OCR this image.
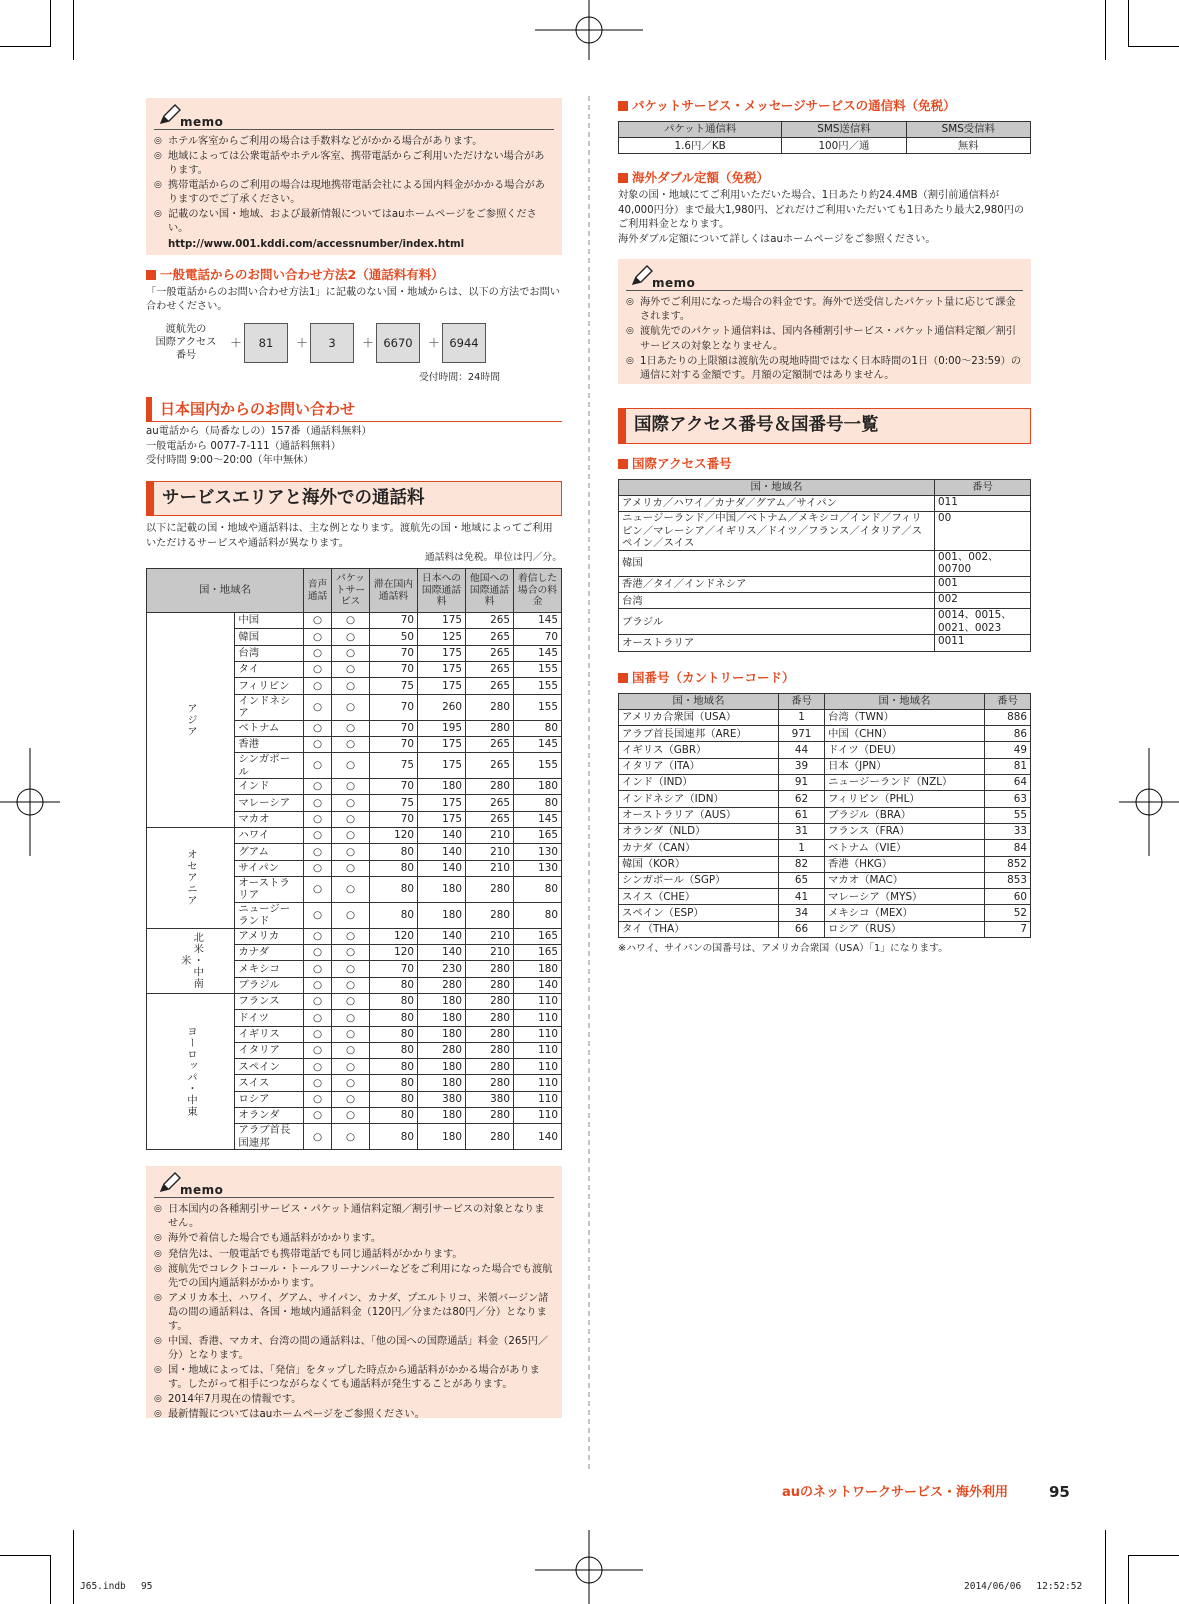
memo
◎ ホテル客室からご利用の場合は手数料などがかかる場合があります。
◎ 地域によっては公衆電話やホテル客室、携帯電話からご利用いただけない場合があります。
◎ 携帯電話からのご利用の場合は現地携帯電話会社による国内料金がかかる場合がありますのでご了承ください。
◎ 記載のない国・地域、および最新情報についてはauホームページをご参照ください。
http://www.001.kddi.com/accessnumber/index.html
一般電話からのお問い合わせ方法2（通話料有料）
「一般電話からのお問い合わせ方法1」に記載のない国・地域からは、以下の方法でお問い合わせください。
渡航先の
国際アクセス
番号
＋	81	＋	3	＋ 6670	＋ 6944
受付時間：24時間
日本国内からのお問い合わせ
au電話から（局番なしの）157番（通話料無料）
一般電話から 0077-7-111（通話料無料）
受付時間 9:00～20:00（年中無休）
サービスエリアと海外での通話料
以下に記載の国・地域や通話料は、主な例となります。渡航先の国・地域によってご利用いただけるサービスや通話料が異なります。
通話料は免税。単位は円／分。
国・地域名		音声通話	パケットサービス	滞在国内通話料	日本への国際通話料	他国への国際通話料	着信した場合の料金
アジア	中国	○	○	70	175	265	145
	韓国	○	○	50	125	265	70
	台湾	○	○	70	175	265	145
	タイ	○	○	70	175	265	155
	フィリピン	○	○	75	175	265	155
	インドネシア	○	○	70	260	280	155
	ベトナム	○	○	70	195	280	80
	香港	○	○	70	175	265	145
	シンガポール	○	○	75	175	265	155
	インド	○	○	70	180	280	180
	マレーシア	○	○	75	175	265	80
	マカオ	○	○	70	175	265	145
オセアニア	ハワイ	○	○	120	140	210	165
	グアム	○	○	80	140	210	130
	サイパン	○	○	80	140	210	130
	オーストラリア	○	○	80	180	280	80
	ニュージーランド	○	○	80	180	280	80
北米・中南米	アメリカ	○	○	120	140	210	165
	カナダ	○	○	120	140	210	165
	メキシコ	○	○	70	230	280	180
	ブラジル	○	○	80	280	280	140
ヨーロッパ・中東	フランス	○	○	80	180	280	110
	ドイツ	○	○	80	180	280	110
	イギリス	○	○	80	180	280	110
	イタリア	○	○	80	280	280	110
	スペイン	○	○	80	180	280	110
	スイス	○	○	80	180	280	110
	ロシア	○	○	80	380	380	110
	オランダ	○	○	80	180	280	110
	アラブ首長国連邦	○	○	80	180	280	140
memo
◎ 日本国内の各種割引サービス・パケット通信料定額／割引サービスの対象となりません。
◎ 海外で着信した場合でも通話料がかかります。
◎ 発信先は、一般電話でも携帯電話でも同じ通話料がかかります。
◎ 渡航先でコレクトコール・トールフリーナンバーなどをご利用になった場合でも渡航先での国内通話料がかかります。
◎ アメリカ本土、ハワイ、グアム、サイパン、カナダ、プエルトリコ、米領バージン諸島の間の通話料は、各国・地域内通話料金（120円／分または80円／分）となります。
◎ 中国、香港、マカオ、台湾の間の通話料は、「他の国への国際通話」料金（265円／分）となります。
◎ 国・地域によっては、「発信」をタップした時点から通話料がかかる場合があります。したがって相手につながらなくても通話料が発生することがあります。
◎ 2014年7月現在の情報です。
◎ 最新情報についてはauホームページをご参照ください。
パケットサービス・メッセージサービスの通信料（免税）
パケット通信料	SMS送信料	SMS受信料
1.6円／KB	100円／通	無料
海外ダブル定額（免税）
対象の国・地域にてご利用いただいた場合、1日あたり約24.4MB（割引前通信料が40,000円分）まで最大1,980円、どれだけご利用いただいても1日あたり最大2,980円のご利用料金となります。
海外ダブル定額について詳しくはauホームページをご参照ください。
memo
◎ 海外でご利用になった場合の料金です。海外で送受信したパケット量に応じて課金されます。
◎ 渡航先でのパケット通信料は、国内各種割引サービス・パケット通信料定額／割引サービスの対象となりません。
◎ 1日あたりの上限額は渡航先の現地時間ではなく日本時間の1日（0:00～23:59）の通信に対する金額です。月額の定額制ではありません。
国際アクセス番号＆国番号一覧
国際アクセス番号
国・地域名	番号
アメリカ／ハワイ／カナダ／グアム／サイパン	011
ニュージーランド／中国／ベトナム／メキシコ／インド／フィリピン／マレーシア／イギリス／ドイツ／フランス／イタリア／スペイン／スイス	00
韓国	001、002、00700
香港／タイ／インドネシア	001
台湾	002
ブラジル	0014、0015、0021、0023
オーストラリア	0011
国番号（カントリーコード）
国・地域名	番号	国・地域名	番号
アメリカ合衆国（USA）	1	台湾（TWN）	886
アラブ首長国連邦（ARE）	971	中国（CHN）	86
イギリス（GBR）	44	ドイツ（DEU）	49
イタリア（ITA）	39	日本（JPN）	81
インド（IND）	91	ニュージーランド（NZL）	64
インドネシア（IDN）	62	フィリピン（PHL）	63
オーストラリア（AUS）	61	ブラジル（BRA）	55
オランダ（NLD）	31	フランス（FRA）	33
カナダ（CAN）	1	ベトナム（VIE）	84
韓国（KOR）	82	香港（HKG）	852
シンガポール（SGP）	65	マカオ（MAC）	853
スイス（CHE）	41	マレーシア（MYS）	60
スペイン（ESP）	34	メキシコ（MEX）	52
タイ（THA）	66	ロシア（RUS）	7
※ハワイ、サイパンの国番号は、アメリカ合衆国（USA）「1」になります。
auのネットワークサービス・海外利用	95
J65.indb　 95	2014/06/06　 12:52:52
